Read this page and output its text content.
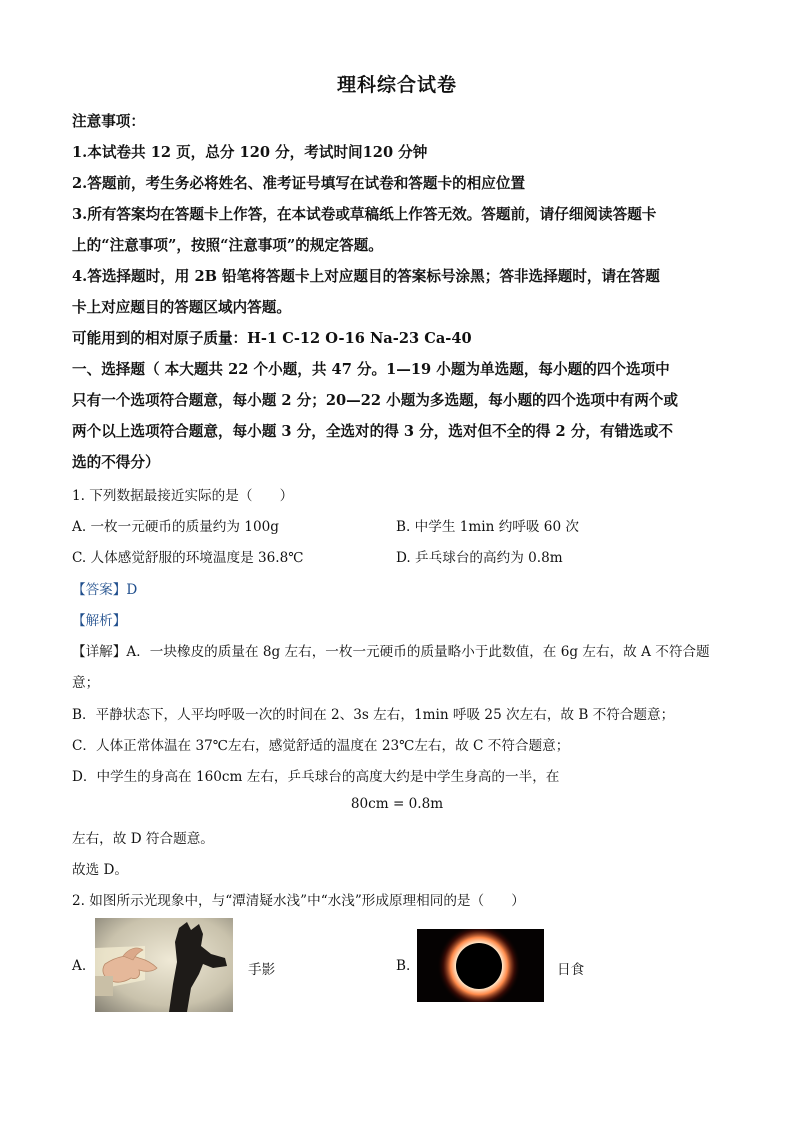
理科综合试卷
注意事项：
1.本试卷共 12 页，总分 120 分，考试时间120 分钟
2.答题前，考生务必将姓名、准考证号填写在试卷和答题卡的相应位置
3.所有答案均在答题卡上作答，在本试卷或草稿纸上作答无效。答题前，请仔细阅读答题卡
上的“注意事项”，按照“注意事项”的规定答题。
4.答选择题时，用 2B 铅笔将答题卡上对应题目的答案标号涂黑；答非选择题时，请在答题
卡上对应题目的答题区域内答题。
可能用到的相对原子质量：H-1 C-12 O-16 Na-23 Ca-40
一、选择题（ 本大题共 22 个小题，共 47 分。1—19 小题为单选题，每小题的四个选项中
只有一个选项符合题意，每小题 2 分；20—22 小题为多选题，每小题的四个选项中有两个或
两个以上选项符合题意，每小题 3 分，全选对的得 3 分，选对但不全的得 2 分，有错选或不
选的不得分）
1. 下列数据最接近实际的是（　　）
A. 一枚一元硬币的质量约为 100g	B. 中学生 1min 约呼吸 60 次
C. 人体感觉舒服的环境温度是 36.8℃	D. 乒乓球台的高约为 0.8m
【答案】D
【解析】
【详解】A．一块橡皮的质量在 8g 左右，一枚一元硬币的质量略小于此数值，在 6g 左右，故 A 不符合题
意；
B．平静状态下，人平均呼吸一次的时间在 2、3s 左右，1min 呼吸 25 次左右，故 B 不符合题意；
C．人体正常体温在 37℃左右，感觉舒适的温度在 23℃左右，故 C 不符合题意；
D．中学生的身高在 160cm 左右，乒乓球台的高度大约是中学生身高的一半，在
80cm = 0.8m
左右，故 D 符合题意。
故选 D。
2. 如图所示光现象中，与“潭清疑水浅”中“水浅”形成原理相同的是（　　）
A.	手影	B.	日食
